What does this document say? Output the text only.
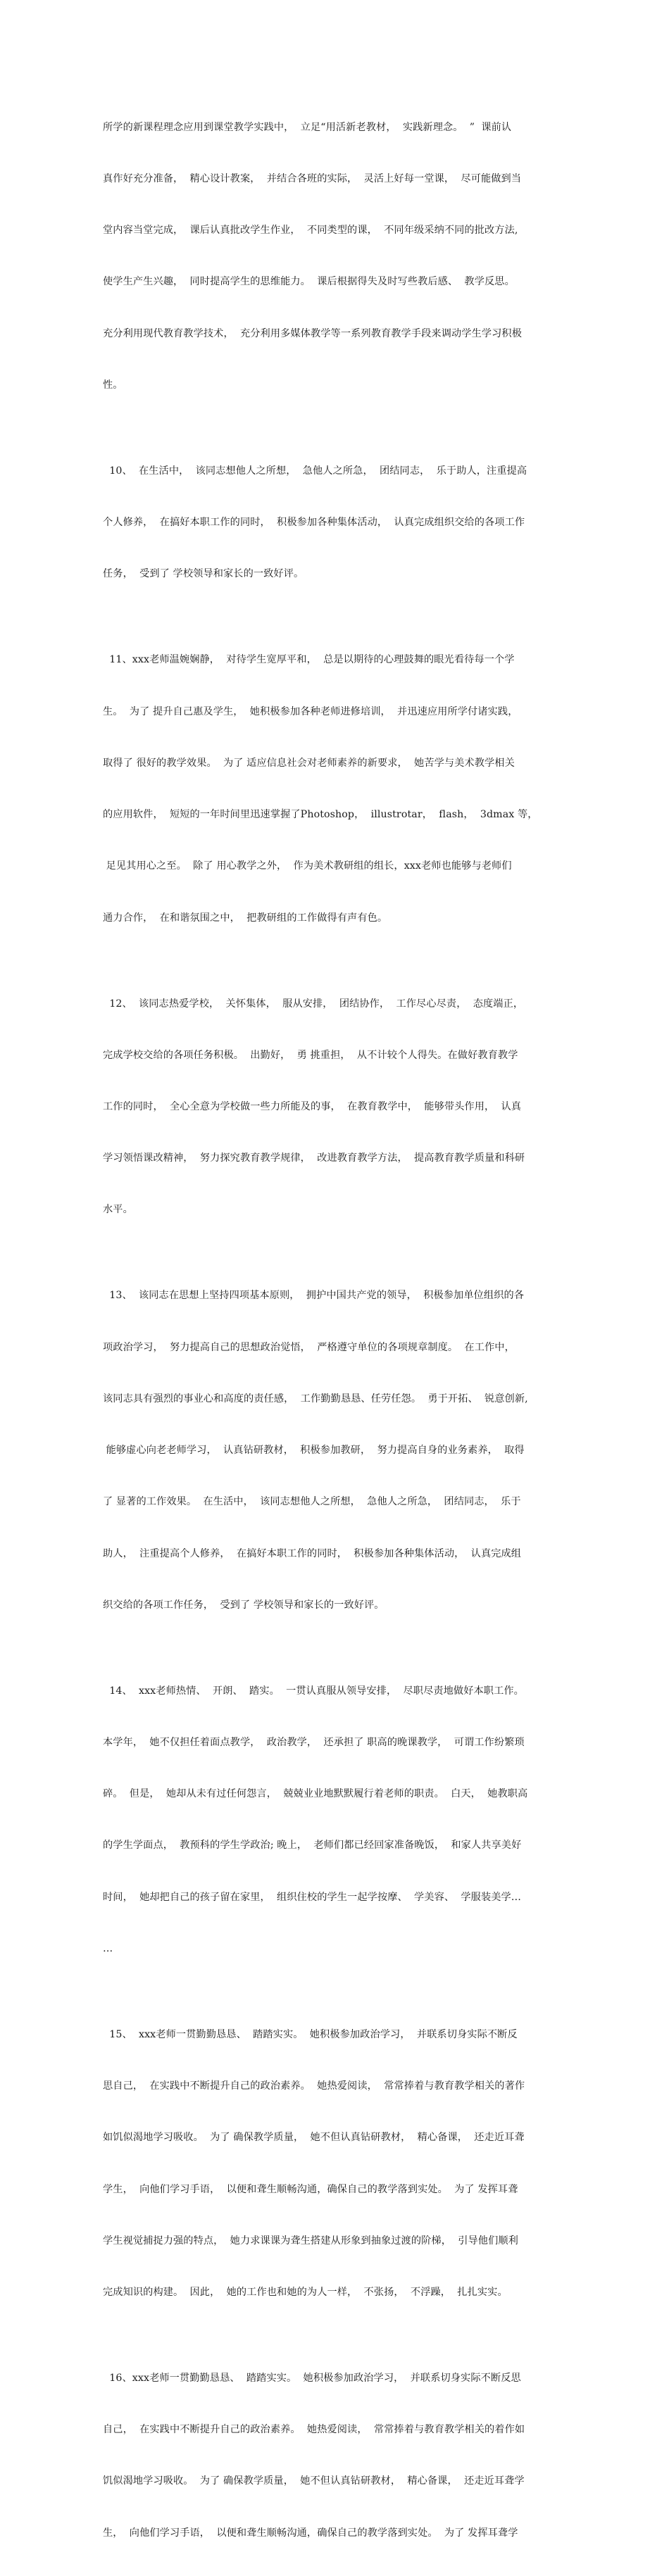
所学的新课程理念应用到课堂教学实践中，  立足“用活新老教材，  实践新理念。  ”  课前认

真作好充分准备，  精心设计教案，  并结合各班的实际，  灵活上好每一堂课，  尽可能做到当

堂内容当堂完成，  课后认真批改学生作业，  不同类型的课，  不同年级采纳不同的批改方法,

使学生产生兴趣，  同时提高学生的思维能力。  课后根据得失及时写些教后感、  教学反思。

充分利用现代教育教学技术，  充分利用多媒体教学等一系列教育教学手段来调动学生学习积极

性。

10、  在生活中，  该同志想他人之所想，  急他人之所急，  团结同志，  乐于助人，注重提高

个人修养，  在搞好本职工作的同时，  积极参加各种集体活动，  认真完成组织交给的各项工作

任务，  受到了 学校领导和家长的一致好评。

11、xxx老师温婉娴静，  对待学生宽厚平和，  总是以期待的心理鼓舞的眼光看待每一个学

生。  为了 提升自己惠及学生，  她积极参加各种老师进修培训，  并迅速应用所学付诸实践，

取得了 很好的教学效果。  为了 适应信息社会对老师素养的新要求，  她苦学与美术教学相关

的应用软件，  短短的一年时间里迅速掌握了Photoshop，  illustrotar，  flash，  3dmax 等，

足见其用心之至。  除了 用心教学之外，  作为美术教研组的组长，xxx老师也能够与老师们

通力合作，  在和谐氛围之中，  把教研组的工作做得有声有色。

12、  该同志热爱学校，  关怀集体，  服从安排，  团结协作，  工作尽心尽责，  态度端正，

完成学校交给的各项任务积极。  出勤好，  勇 挑重担，  从不计较个人得失。在做好教育教学

工作的同时，  全心全意为学校做一些力所能及的事，  在教育教学中，  能够带头作用，  认真

学习领悟课改精神，  努力探究教育教学规律，  改进教育教学方法，  提高教育教学质量和科研

水平。

13、  该同志在思想上坚持四项基本原则，  拥护中国共产党的领导，  积极参加单位组织的各

项政治学习，  努力提高自己的思想政治觉悟，  严格遵守单位的各项规章制度。  在工作中，

该同志具有强烈的事业心和高度的责任感，  工作勤勤恳恳、任劳任怨。  勇于开拓、  锐意创新,

能够虚心向老老师学习，  认真钻研教材，  积极参加教研，  努力提高自身的业务素养，  取得

了 显著的工作效果。  在生活中，  该同志想他人之所想，  急他人之所急，  团结同志，  乐于

助人，  注重提高个人修养，  在搞好本职工作的同时，  积极参加各种集体活动，  认真完成组

织交给的各项工作任务，  受到了 学校领导和家长的一致好评。

14、  xxx老师热情、  开朗、  踏实。  一贯认真服从领导安排，  尽职尽责地做好本职工作。

本学年，  她不仅担任着面点教学，  政治教学，  还承担了 职高的晚课教学，  可谓工作纷繁琐

碎。  但是，  她却从未有过任何怨言，  兢兢业业地默默履行着老师的职责。  白天，  她教职高

的学生学面点，  教预科的学生学政治; 晚上，  老师们都已经回家准备晚饭，  和家人共享美好

时间，  她却把自己的孩子留在家里，  组织住校的学生一起学按摩、  学美容、  学服装美学…

…

15、  xxx老师一贯勤勤恳恳、  踏踏实实。  她积极参加政治学习，  并联系切身实际不断反

思自己，  在实践中不断提升自己的政治素养。  她热爱阅读，  常常捧着与教育教学相关的著作

如饥似渴地学习吸收。  为了 确保教学质量，  她不但认真钻研教材，  精心备课，  还走近耳聋

学生，  向他们学习手语，  以便和聋生顺畅沟通，确保自己的教学落到实处。  为了 发挥耳聋

学生视觉捕捉力强的特点，  她力求课课为聋生搭建从形象到抽象过渡的阶梯，  引导他们顺利

完成知识的构建。  因此，  她的工作也和她的为人一样，  不张扬，  不浮躁，  扎扎实实。

16、xxx老师一贯勤勤恳恳、  踏踏实实。  她积极参加政治学习，  并联系切身实际不断反思

自己，  在实践中不断提升自己的政治素养。  她热爱阅读，  常常捧着与教育教学相关的着作如

饥似渴地学习吸收。  为了 确保教学质量，  她不但认真钻研教材，  精心备课，  还走近耳聋学

生，  向他们学习手语，  以便和聋生顺畅沟通，确保自己的教学落到实处。  为了 发挥耳聋学
